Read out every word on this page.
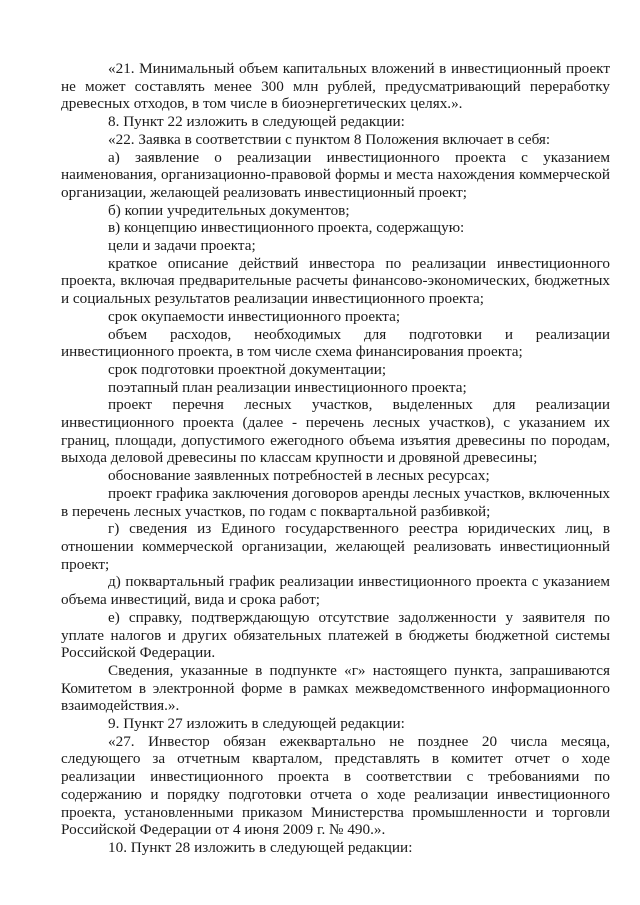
«21. Минимальный объем капитальных вложений в инвестиционный проект не может составлять менее 300 млн рублей, предусматривающий переработку древесных отходов, в том числе в биоэнергетических целях.».

8. Пункт 22 изложить в следующей редакции:

«22. Заявка в соответствии с пунктом 8 Положения включает в себя:

а) заявление о реализации инвестиционного проекта с указанием наименования, организационно-правовой формы и места нахождения коммерческой организации, желающей реализовать инвестиционный проект;

б) копии учредительных документов;

в) концепцию инвестиционного проекта, содержащую:

цели и задачи проекта;

краткое описание действий инвестора по реализации инвестиционного проекта, включая предварительные расчеты финансово-экономических, бюджетных и социальных результатов реализации инвестиционного проекта;

срок окупаемости инвестиционного проекта;

объем расходов, необходимых для подготовки и реализации инвестиционного проекта, в том числе схема финансирования проекта;

срок подготовки проектной документации;

поэтапный план реализации инвестиционного проекта;

проект перечня лесных участков, выделенных для реализации инвестиционного проекта (далее - перечень лесных участков), с указанием их границ, площади, допустимого ежегодного объема изъятия древесины по породам, выхода деловой древесины по классам крупности и дровяной древесины;

обоснование заявленных потребностей в лесных ресурсах;

проект графика заключения договоров аренды лесных участков, включенных в перечень лесных участков, по годам с поквартальной разбивкой;

г) сведения из Единого государственного реестра юридических лиц, в отношении коммерческой организации, желающей реализовать инвестиционный проект;

д) поквартальный график реализации инвестиционного проекта с указанием объема инвестиций, вида и срока работ;

е) справку, подтверждающую отсутствие задолженности у заявителя по уплате налогов и других обязательных платежей в бюджеты бюджетной системы Российской Федерации.

Сведения, указанные в подпункте «г» настоящего пункта, запрашиваются Комитетом в электронной форме в рамках межведомственного информационного взаимодействия.».

9. Пункт 27 изложить в следующей редакции:

«27. Инвестор обязан ежеквартально не позднее 20 числа месяца, следующего за отчетным кварталом, представлять в комитет отчет о ходе реализации инвестиционного проекта в соответствии с требованиями по содержанию и порядку подготовки отчета о ходе реализации инвестиционного проекта, установленными приказом Министерства промышленности и торговли Российской Федерации от 4 июня 2009 г. № 490.».

10. Пункт 28 изложить в следующей редакции:
